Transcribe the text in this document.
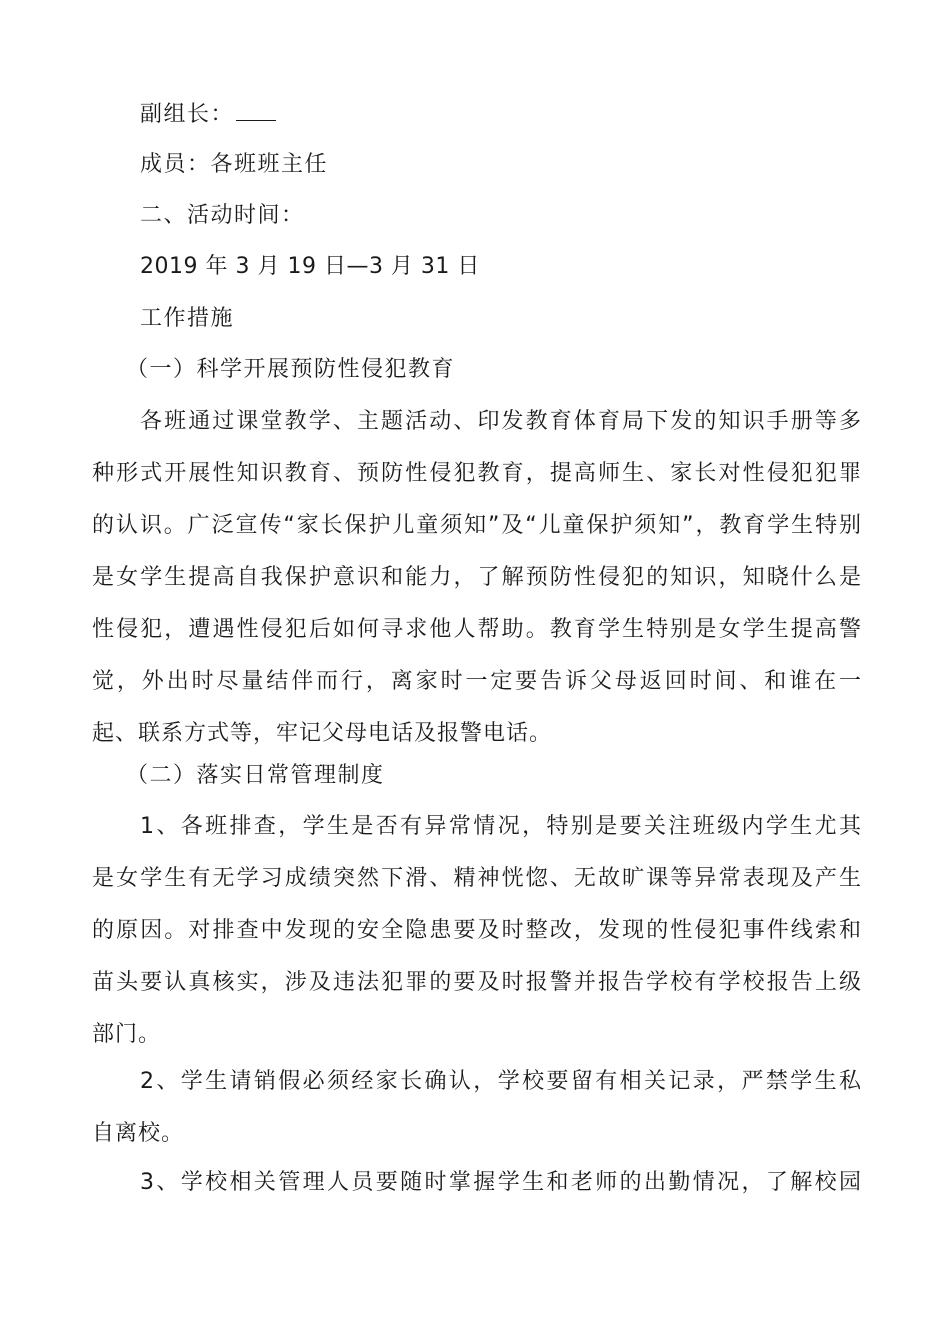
副组长：
成员：各班班主任
二、活动时间：
2019 年 3 月 19 日—3 月 31 日
工作措施
（一）科学开展预防性侵犯教育
各班通过课堂教学、主题活动、印发教育体育局下发的知识手册等多
种形式开展性知识教育、预防性侵犯教育，提高师生、家长对性侵犯犯罪
的认识。广泛宣传“家长保护儿童须知”及“儿童保护须知”，教育学生特别
是女学生提高自我保护意识和能力，了解预防性侵犯的知识，知晓什么是
性侵犯，遭遇性侵犯后如何寻求他人帮助。教育学生特别是女学生提高警
觉，外出时尽量结伴而行，离家时一定要告诉父母返回时间、和谁在一
起、联系方式等，牢记父母电话及报警电话。
（二）落实日常管理制度
1、各班排查，学生是否有异常情况，特别是要关注班级内学生尤其
是女学生有无学习成绩突然下滑、精神恍惚、无故旷课等异常表现及产生
的原因。对排查中发现的安全隐患要及时整改，发现的性侵犯事件线索和
苗头要认真核实，涉及违法犯罪的要及时报警并报告学校有学校报告上级
部门。
2、学生请销假必须经家长确认，学校要留有相关记录，严禁学生私
自离校。
3、学校相关管理人员要随时掌握学生和老师的出勤情况，了解校园
